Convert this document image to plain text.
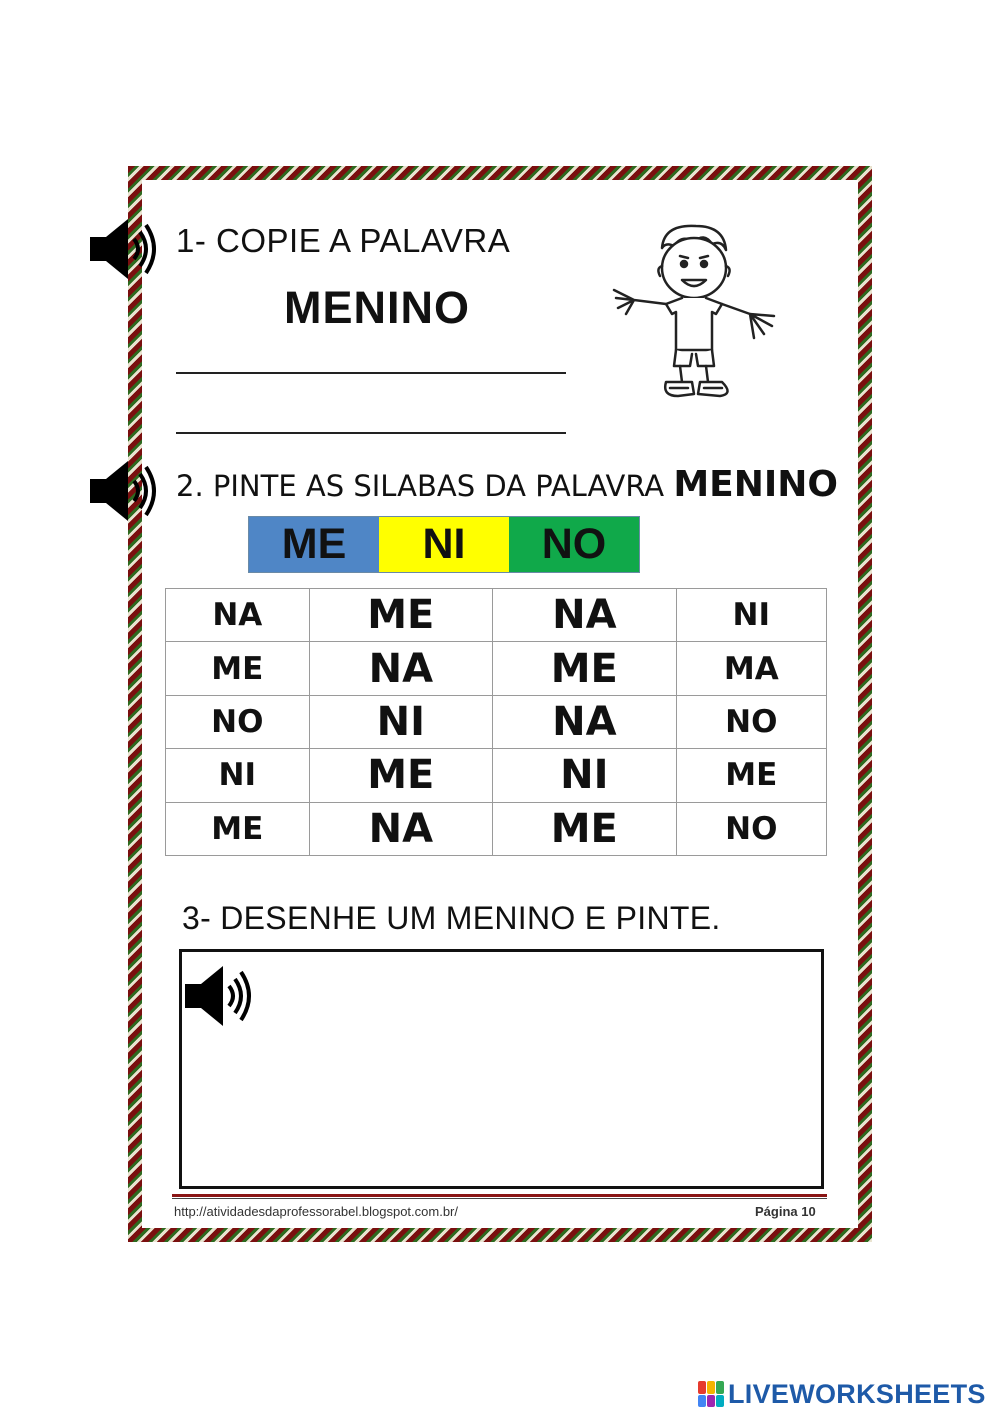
1- COPIE A PALAVRA
MENINO
2. PINTE AS SILABAS DA PALAVRA MENINO
ME	NI	NO
NA	ME	NA	NI
ME	NA	ME	MA
NO	NI	NA	NO
NI	ME	NI	ME
ME	NA	ME	NO
3- DESENHE UM MENINO E PINTE.
http://atividadesdaprofessorabel.blogspot.com.br/	Página 10
LIVEWORKSHEETS
